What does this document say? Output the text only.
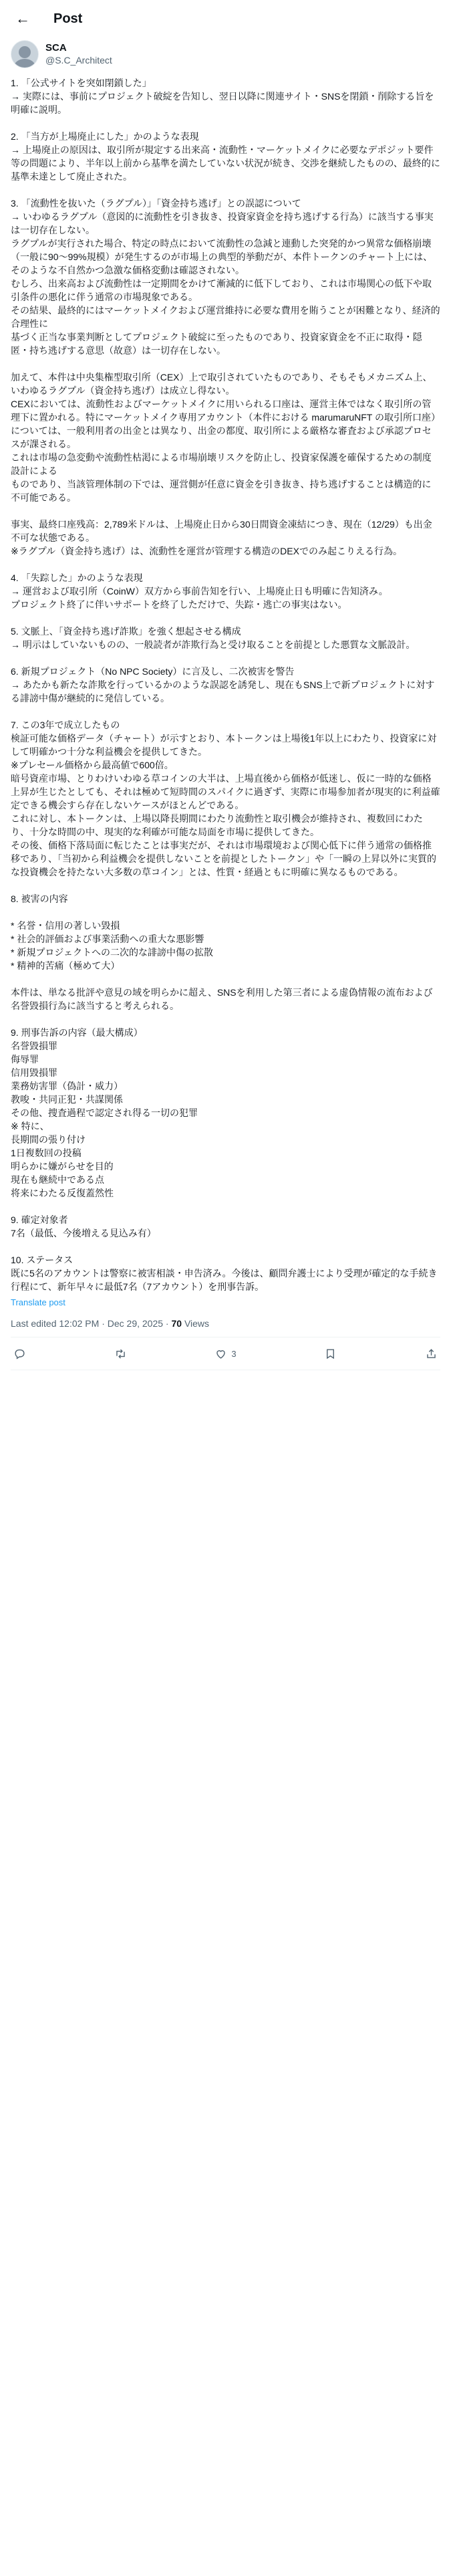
← Post
SCA
@S.C_Architect

1. 「公式サイトを突如閉鎖した」
→ 実際には、事前にプロジェクト破綻を告知し、翌日以降に関連サイト・SNSを閉鎖・削除する旨を明確に説明。

2. 「当方が上場廃止にした」かのような表現
→ 上場廃止の原因は、取引所が規定する出来高・流動性・マーケットメイクに必要なデポジット要件等の問題により、半年以上前から基準を満たしていない状況が続き、交渉を継続したものの、最終的に基準未達として廃止された。

3. 「流動性を抜いた（ラグプル）」「資金持ち逃げ」との誤認について
→ いわゆるラグプル（意図的に流動性を引き抜き、投資家資金を持ち逃げする行為）に該当する事実は一切存在しない。
ラグプルが実行された場合、特定の時点において流動性の急減と連動した突発的かつ異常な価格崩壊（一般に90〜99%規模）が発生するのが市場上の典型的挙動だが、本件トークンのチャート上には、そのような不自然かつ急激な価格変動は確認されない。
むしろ、出来高および流動性は一定期間をかけて漸減的に低下しており、これは市場関心の低下や取引条件の悪化に伴う通常の市場現象である。
その結果、最終的にはマーケットメイクおよび運営維持に必要な費用を賄うことが困難となり、経済的合理性に
基づく正当な事業判断としてプロジェクト破綻に至ったものであり、投資家資金を不正に取得・隠匿・持ち逃げする意思（故意）は一切存在しない。

加えて、本件は中央集権型取引所（CEX）上で取引されていたものであり、そもそもメカニズム上、いわゆるラグプル（資金持ち逃げ）は成立し得ない。
CEXにおいては、流動性およびマーケットメイクに用いられる口座は、運営主体ではなく取引所の管理下に置かれる。特にマーケットメイク専用アカウント（本件における marumaruNFT の取引所口座）については、一般利用者の出金とは異なり、出金の都度、取引所による厳格な審査および承認プロセスが課される。
これは市場の急変動や流動性枯渇による市場崩壊リスクを防止し、投資家保護を確保するための制度設計による
ものであり、当該管理体制の下では、運営側が任意に資金を引き抜き、持ち逃げすることは構造的に不可能である。

事実、最終口座残高：2,789米ドルは、上場廃止日から30日間資金凍結につき、現在（12/29）も出金不可な状態である。
※ラグプル（資金持ち逃げ）は、流動性を運営が管理する構造のDEXでのみ起こりえる行為。

4. 「失踪した」かのような表現
→ 運営および取引所（CoinW）双方から事前告知を行い、上場廃止日も明確に告知済み。
プロジェクト終了に伴いサポートを終了しただけで、失踪・逃亡の事実はない。

5. 文脈上、「資金持ち逃げ詐欺」を強く想起させる構成
→ 明示はしていないものの、一般読者が詐欺行為と受け取ることを前提とした悪質な文脈設計。

6. 新規プロジェクト（No NPC Society）に言及し、二次被害を警告
→ あたかも新たな詐欺を行っているかのような誤認を誘発し、現在もSNS上で新プロジェクトに対する誹謗中傷が継続的に発信している。

7. この3年で成立したもの
検証可能な価格データ（チャート）が示すとおり、本トークンは上場後1年以上にわたり、投資家に対して明確かつ十分な利益機会を提供してきた。
※プレセール価格から最高値で600倍。
暗号資産市場、とりわけいわゆる草コインの大半は、上場直後から価格が低迷し、仮に一時的な価格上昇が生じたとしても、それは極めて短時間のスパイクに過ぎず、実際に市場参加者が現実的に利益確定できる機会すら存在しないケースがほとんどである。
これに対し、本トークンは、上場以降長期間にわたり流動性と取引機会が維持され、複数回にわたり、十分な時間の中、現実的な利確が可能な局面を市場に提供してきた。
その後、価格下落局面に転じたことは事実だが、それは市場環境および関心低下に伴う通常の価格推移であり、「当初から利益機会を提供しないことを前提としたトークン」や「一瞬の上昇以外に実質的な投資機会を持たない大多数の草コイン」とは、性質・経過ともに明確に異なるものである。

8. 被害の内容

* 名誉・信用の著しい毀損
* 社会的評価および事業活動への重大な悪影響
* 新規プロジェクトへの二次的な誹謗中傷の拡散
* 精神的苦痛（極めて大）

本件は、単なる批評や意見の域を明らかに超え、SNSを利用した第三者による虚偽情報の流布および名誉毀損行為に該当すると考えられる。

9. 刑事告訴の内容（最大構成）
名誉毀損罪
侮辱罪
信用毀損罪
業務妨害罪（偽計・威力）
教唆・共同正犯・共謀関係
その他、捜査過程で認定され得る一切の犯罪
※ 特に、
長期間の張り付け
1日複数回の投稿
明らかに嫌がらせを目的
現在も継続中である点
将来にわたる反復蓋然性

9. 確定対象者
7名（最低、今後増える見込み有）

10. ステータス
既に5名のアカウントは警察に被害相談・申告済み。今後は、顧問弁護士により受理が確定的な手続き行程にて、新年早々に最低7名（7アカウント）を刑事告訴。

Translate post
Last edited 12:02 PM · Dec 29, 2025 · 70 Views
3
